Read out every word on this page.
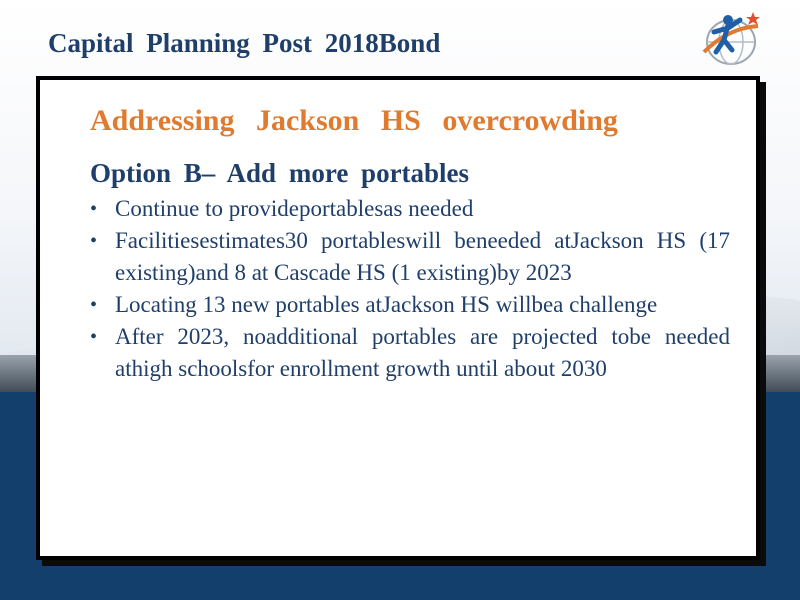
Capital Planning Post 2018Bond
Addressing Jackson HS overcrowding
Option B– Add more portables
• Continue to provideportablesas needed
• Facilitiesestimates30 portableswill beneeded atJackson HS (17 existing)and 8 at Cascade HS (1 existing)by 2023
• Locating 13 new portables atJackson HS willbea challenge
• After 2023, noadditional portables are projected tobe needed athigh schoolsfor enrollment growth until about 2030
